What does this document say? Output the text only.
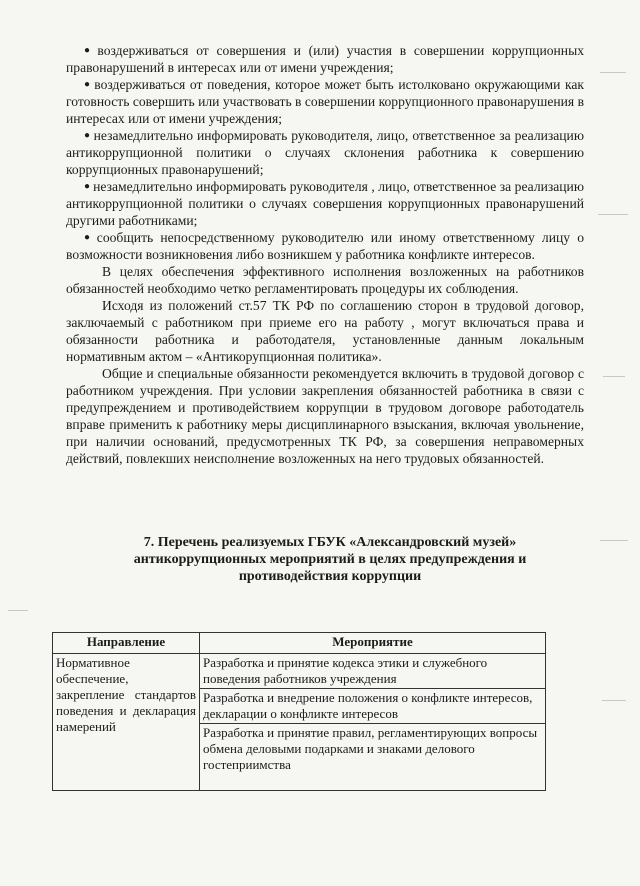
● воздерживаться от совершения и (или) участия в совершении коррупционных правонарушений в интересах или от имени учреждения;

● воздерживаться от поведения, которое может быть истолковано окружающими как готовность совершить или участвовать в совершении коррупционного правонарушения в интересах или от имени учреждения;

● незамедлительно информировать руководителя, лицо, ответственное за реализацию антикоррупционной политики о случаях склонения работника к совершению коррупционных правонарушений;

● незамедлительно информировать руководителя , лицо, ответственное за реализацию антикоррупционной политики о случаях совершения коррупционных правонарушений другими работниками;

● сообщить непосредственному руководителю или иному ответственному лицу о возможности возникновения либо возникшем у работника конфликте интересов.

В целях обеспечения эффективного исполнения возложенных на работников обязанностей необходимо четко регламентировать процедуры их соблюдения.

Исходя из положений ст.57 ТК РФ по соглашению сторон в трудовой договор, заключаемый с работником при приеме его на работу , могут включаться права и обязанности работника и работодателя, установленные данным локальным нормативным актом – «Антикорупционная политика».

Общие и специальные обязанности рекомендуется включить в трудовой договор с работником учреждения. При условии закрепления обязанностей работника в связи с предупреждением и противодействием коррупции в трудовом договоре работодатель вправе применить к работнику меры дисциплинарного взыскания, включая увольнение, при наличии оснований, предусмотренных ТК РФ, за совершения неправомерных действий, повлекших неисполнение возложенных на него трудовых обязанностей.

7. Перечень реализуемых ГБУК «Александровский музей»
антикоррупционных мероприятий в целях предупреждения и
противодействия коррупции
Направление	Мероприятие
Нормативное обеспечение, закрепление стандартов поведения и декларация намерений	Разработка и принятие кодекса этики и служебного поведения работников учреждения
	Разработка и внедрение положения о конфликте интересов, декларации о конфликте интересов
	Разработка и принятие правил, регламентирующих вопросы обмена деловыми подарками и знаками делового гостеприимства
